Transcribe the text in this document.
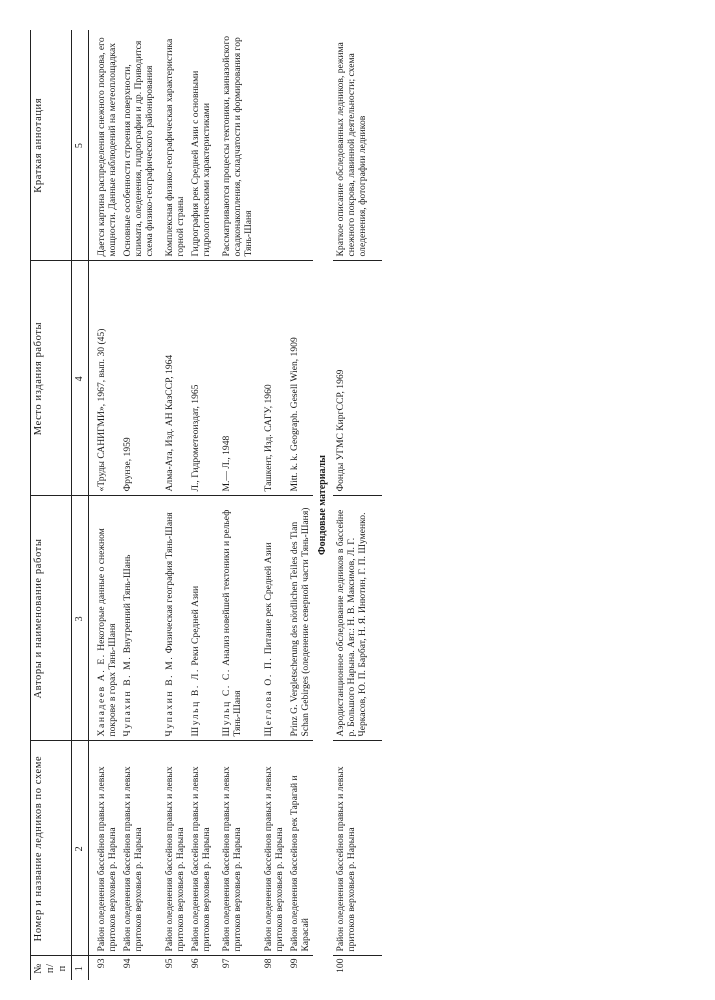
№ п/п	Номер и название ледников по схеме	Авторы и наименование работы	Место издания работы	Краткая аннотация
1	2	3	4	5
93	Район оледенения бассейнов правых и левых притоков верховьев р. Нарына	Ханадеев А. Е. Некоторые данные о снежном покрове в горах Тянь-Шаня	«Труды САНИГМИ», 1967, вып. 30 (45)	Дается картина распределения снежного покрова, его мощности. Данные наблюдений на метеоплощадках
94	Район оледенения бассейнов правых и левых притоков верховьев р. Нарына	Чупахин В. М. Внутренний Тянь-Шань	Фрунзе, 1959	Основные особенности строения поверхности, климата, оледенения, гидрографии и др. Приводится схема физико-географического районирования
95	Район оледенения бассейнов правых и левых притоков верховьев р. Нарына	Чупахин В. М. Физическая география Тянь-Шаня	Алма-Ата, Изд. АН КазССР, 1964	Комплексная физико-географическая характеристика горной страны
96	Район оледенения бассейнов правых и левых притоков верховьев р. Нарына	Шульц В. Л. Реки Средней Азии	Л., Гидрометеоиздат, 1965	Гидрография рек Средней Азии с основными гидрологическими характеристиками
97	Район оледенения бассейнов правых и левых притоков верховьев р. Нарына	Шульц С. С. Анализ новейшей тектоники и рельеф Тянь-Шаня	М.— Л., 1948	Рассматриваются процессы тектоники, каиназойского осадконакопления, складчатости и формирования гор Тянь-Шаня
98	Район оледенения бассейнов правых и левых притоков верховьев р. Нарына	Щеглова О. П. Питание рек Средней Азии	Ташкент, Изд. САГУ, 1960	
99	Район оледенения бассейнов рек Тарагай и Карасай	Prinz G. Vergletscherung des nördlichen Teiles des Tian Schan Gebirges (оледенение северной части Тянь-Шаня)	Mitt. k. k. Geograph. Gesell Wien, 1909	
Фондовые материалы				
100	Район оледенения бассейнов правых и левых притоков верховьев р. Нарына	Аэродистанционное обследование ледников в бассейне р. Большого Нарына. Авт.: Н. В. Максимов, Л. Г. Черкасов, Ю. П. Барбат, Н. Я. Инютин, Г. П. Шуменко.	Фонды УГМС КиргССР, 1969	Краткое описание обследованных ледников, режима снежного покрова, лавинной деятельности; схема оледенения, фотографии ледников
